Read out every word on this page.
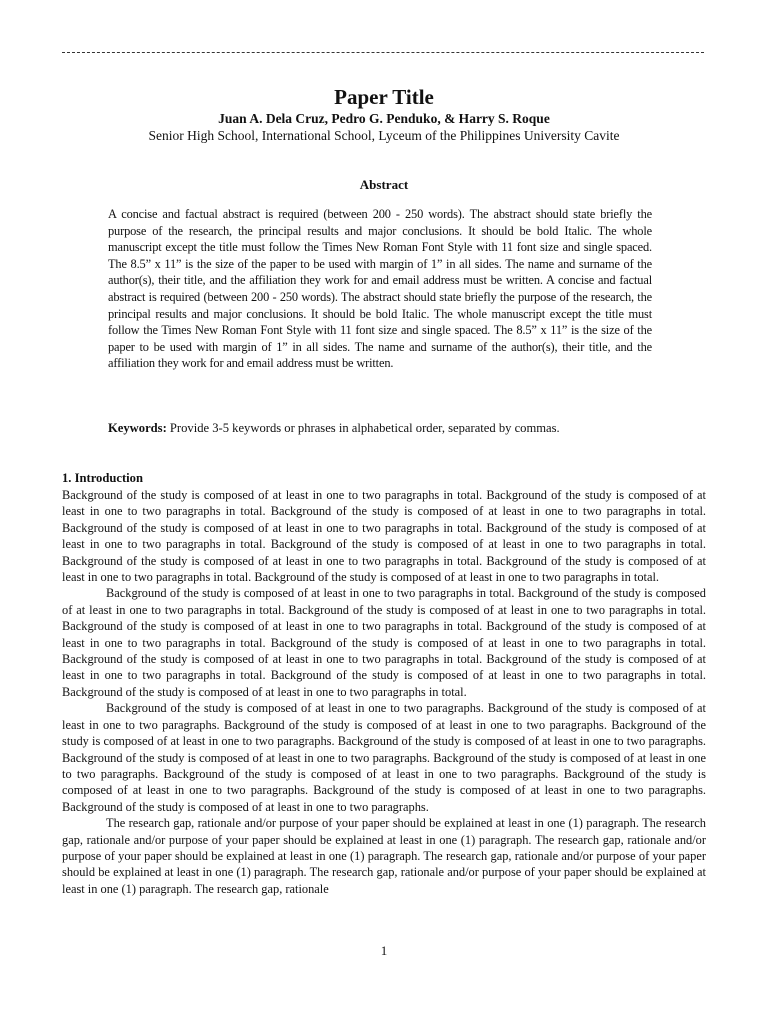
Paper Title
Juan A. Dela Cruz, Pedro G. Penduko, & Harry S. Roque
Senior High School, International School, Lyceum of the Philippines University Cavite
Abstract
A concise and factual abstract is required (between 200 - 250 words). The abstract should state briefly the purpose of the research, the principal results and major conclusions. It should be bold Italic. The whole manuscript except the title must follow the Times New Roman Font Style with 11 font size and single spaced. The 8.5” x 11” is the size of the paper to be used with margin of 1” in all sides. The name and surname of the author(s), their title, and the affiliation they work for and email address must be written. A concise and factual abstract is required (between 200 - 250 words). The abstract should state briefly the purpose of the research, the principal results and major conclusions. It should be bold Italic. The whole manuscript except the title must follow the Times New Roman Font Style with 11 font size and single spaced. The 8.5” x 11” is the size of the paper to be used with margin of 1” in all sides. The name and surname of the author(s), their title, and the affiliation they work for and email address must be written.
Keywords: Provide 3-5 keywords or phrases in alphabetical order, separated by commas.
1. Introduction

Background of the study is composed of at least in one to two paragraphs in total. Background of the study is composed of at least in one to two paragraphs in total. Background of the study is composed of at least in one to two paragraphs in total. Background of the study is composed of at least in one to two paragraphs in total. Background of the study is composed of at least in one to two paragraphs in total. Background of the study is composed of at least in one to two paragraphs in total. Background of the study is composed of at least in one to two paragraphs in total. Background of the study is composed of at least in one to two paragraphs in total. Background of the study is composed of at least in one to two paragraphs in total.

Background of the study is composed of at least in one to two paragraphs in total. Background of the study is composed of at least in one to two paragraphs in total. Background of the study is composed of at least in one to two paragraphs in total. Background of the study is composed of at least in one to two paragraphs in total. Background of the study is composed of at least in one to two paragraphs in total. Background of the study is composed of at least in one to two paragraphs in total. Background of the study is composed of at least in one to two paragraphs in total. Background of the study is composed of at least in one to two paragraphs in total. Background of the study is composed of at least in one to two paragraphs in total. Background of the study is composed of at least in one to two paragraphs in total.

Background of the study is composed of at least in one to two paragraphs. Background of the study is composed of at least in one to two paragraphs. Background of the study is composed of at least in one to two paragraphs. Background of the study is composed of at least in one to two paragraphs. Background of the study is composed of at least in one to two paragraphs. Background of the study is composed of at least in one to two paragraphs. Background of the study is composed of at least in one to two paragraphs. Background of the study is composed of at least in one to two paragraphs. Background of the study is composed of at least in one to two paragraphs. Background of the study is composed of at least in one to two paragraphs. Background of the study is composed of at least in one to two paragraphs.

The research gap, rationale and/or purpose of your paper should be explained at least in one (1) paragraph. The research gap, rationale and/or purpose of your paper should be explained at least in one (1) paragraph. The research gap, rationale and/or purpose of your paper should be explained at least in one (1) paragraph. The research gap, rationale and/or purpose of your paper should be explained at least in one (1) paragraph. The research gap, rationale and/or purpose of your paper should be explained at least in one (1) paragraph. The research gap, rationale

1
